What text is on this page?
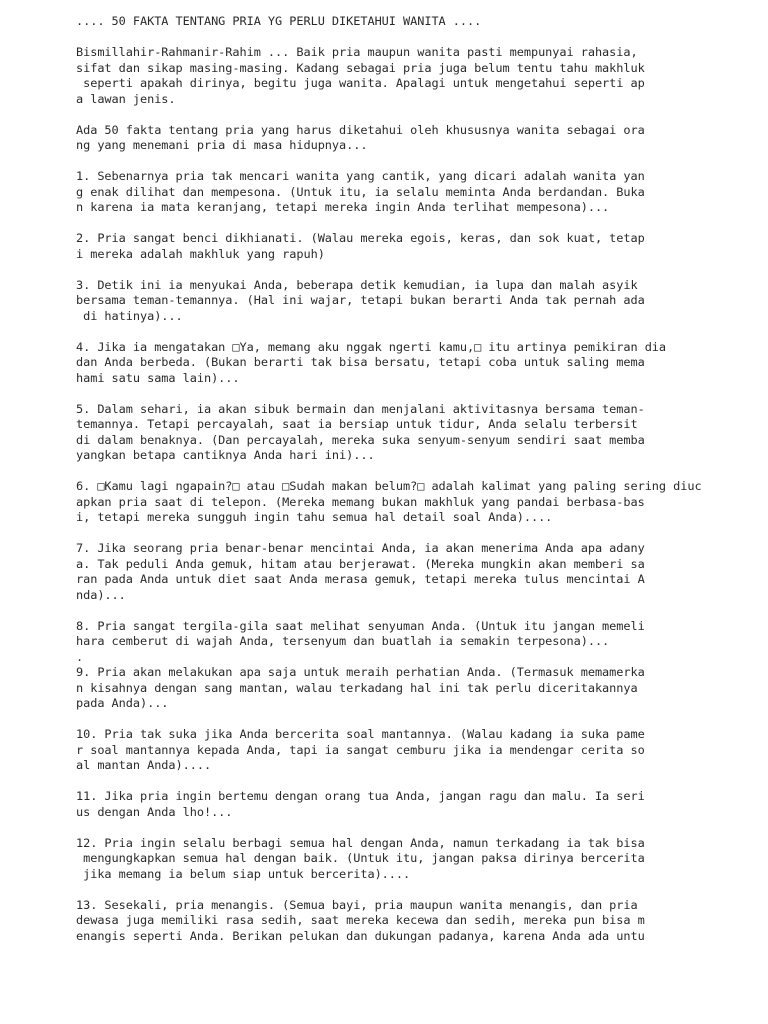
.... 50 FAKTA TENTANG PRIA YG PERLU DIKETAHUI WANITA ....
Bismillahir-Rahmanir-Rahim ... Baik pria maupun wanita pasti mempunyai rahasia,
sifat dan sikap masing-masing. Kadang sebagai pria juga belum tentu tahu makhluk
seperti apakah dirinya, begitu juga wanita. Apalagi untuk mengetahui seperti ap
a lawan jenis.
Ada 50 fakta tentang pria yang harus diketahui oleh khususnya wanita sebagai ora
ng yang menemani pria di masa hidupnya...
1. Sebenarnya pria tak mencari wanita yang cantik, yang dicari adalah wanita yan
g enak dilihat dan mempesona. (Untuk itu, ia selalu meminta Anda berdandan. Buka
n karena ia mata keranjang, tetapi mereka ingin Anda terlihat mempesona)...
2. Pria sangat benci dikhianati. (Walau mereka egois, keras, dan sok kuat, tetap
i mereka adalah makhluk yang rapuh)
3. Detik ini ia menyukai Anda, beberapa detik kemudian, ia lupa dan malah asyik
bersama teman-temannya. (Hal ini wajar, tetapi bukan berarti Anda tak pernah ada
di hatinya)...
4. Jika ia mengatakan □Ya, memang aku nggak ngerti kamu,□ itu artinya pemikiran dia
dan Anda berbeda. (Bukan berarti tak bisa bersatu, tetapi coba untuk saling mema
hami satu sama lain)...
5. Dalam sehari, ia akan sibuk bermain dan menjalani aktivitasnya bersama teman-
temannya. Tetapi percayalah, saat ia bersiap untuk tidur, Anda selalu terbersit
di dalam benaknya. (Dan percayalah, mereka suka senyum-senyum sendiri saat memba
yangkan betapa cantiknya Anda hari ini)...
6. □Kamu lagi ngapain?□ atau □Sudah makan belum?□ adalah kalimat yang paling sering diuc
apkan pria saat di telepon. (Mereka memang bukan makhluk yang pandai berbasa-bas
i, tetapi mereka sungguh ingin tahu semua hal detail soal Anda)....
7. Jika seorang pria benar-benar mencintai Anda, ia akan menerima Anda apa adany
a. Tak peduli Anda gemuk, hitam atau berjerawat. (Mereka mungkin akan memberi sa
ran pada Anda untuk diet saat Anda merasa gemuk, tetapi mereka tulus mencintai A
nda)...
8. Pria sangat tergila-gila saat melihat senyuman Anda. (Untuk itu jangan memeli
hara cemberut di wajah Anda, tersenyum dan buatlah ia semakin terpesona)...
.
9. Pria akan melakukan apa saja untuk meraih perhatian Anda. (Termasuk memamerka
n kisahnya dengan sang mantan, walau terkadang hal ini tak perlu diceritakannya
pada Anda)...
10. Pria tak suka jika Anda bercerita soal mantannya. (Walau kadang ia suka pame
r soal mantannya kepada Anda, tapi ia sangat cemburu jika ia mendengar cerita so
al mantan Anda)....
11. Jika pria ingin bertemu dengan orang tua Anda, jangan ragu dan malu. Ia seri
us dengan Anda lho!...
12. Pria ingin selalu berbagi semua hal dengan Anda, namun terkadang ia tak bisa
mengungkapkan semua hal dengan baik. (Untuk itu, jangan paksa dirinya bercerita
jika memang ia belum siap untuk bercerita)....
13. Sesekali, pria menangis. (Semua bayi, pria maupun wanita menangis, dan pria
dewasa juga memiliki rasa sedih, saat mereka kecewa dan sedih, mereka pun bisa m
enangis seperti Anda. Berikan pelukan dan dukungan padanya, karena Anda ada untu
